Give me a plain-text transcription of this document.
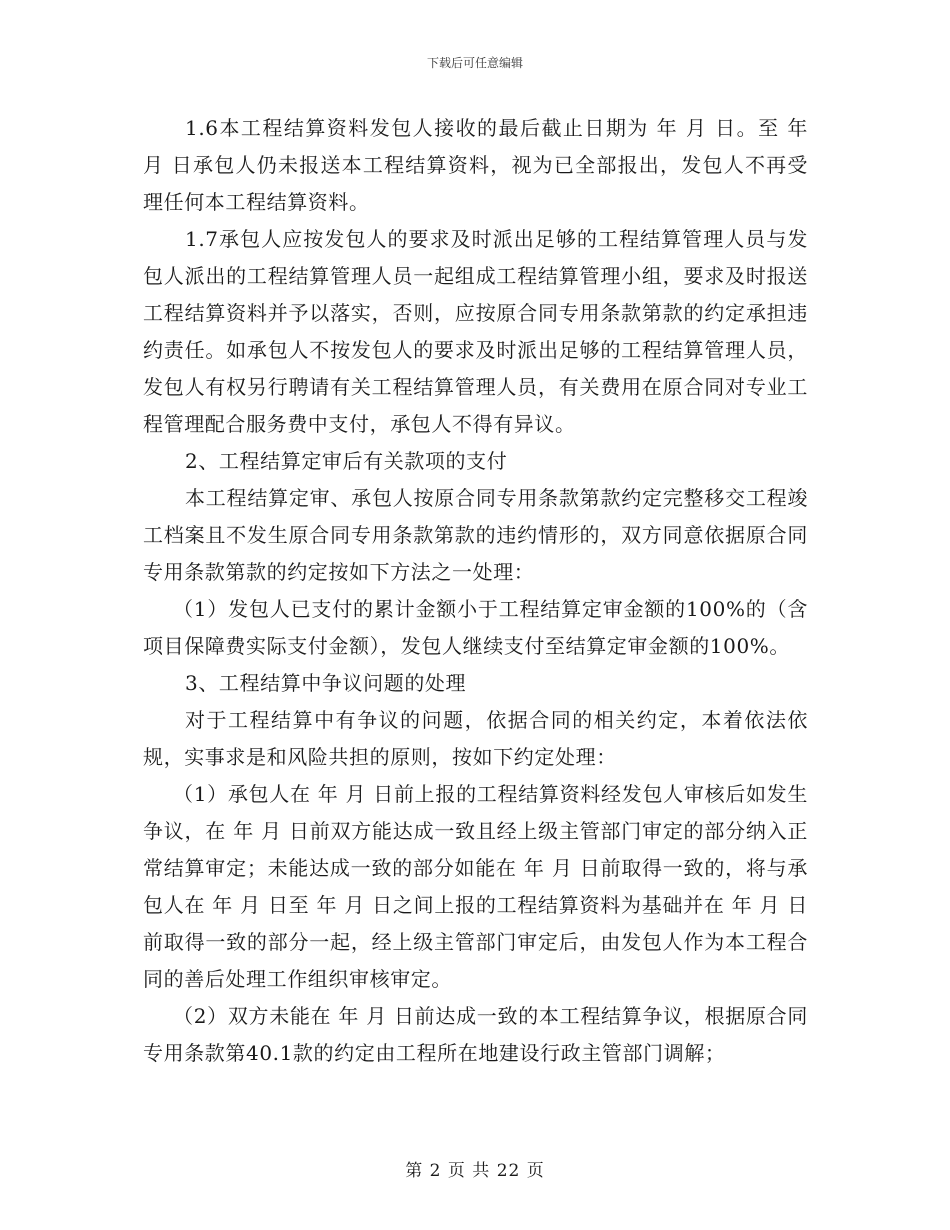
下载后可任意编辑

1.6本工程结算资料发包人接收的最后截止日期为 年 月 日。至 年 月 日承包人仍未报送本工程结算资料，视为已全部报出，发包人不再受理任何本工程结算资料。

1.7承包人应按发包人的要求及时派出足够的工程结算管理人员与发包人派出的工程结算管理人员一起组成工程结算管理小组，要求及时报送工程结算资料并予以落实，否则，应按原合同专用条款第款的约定承担违约责任。如承包人不按发包人的要求及时派出足够的工程结算管理人员，发包人有权另行聘请有关工程结算管理人员，有关费用在原合同对专业工程管理配合服务费中支付，承包人不得有异议。

2、工程结算定审后有关款项的支付

本工程结算定审、承包人按原合同专用条款第款约定完整移交工程竣工档案且不发生原合同专用条款第款的违约情形的，双方同意依据原合同专用条款第款的约定按如下方法之一处理：

（1）发包人已支付的累计金额小于工程结算定审金额的100%的（含项目保障费实际支付金额），发包人继续支付至结算定审金额的100%。

3、工程结算中争议问题的处理

对于工程结算中有争议的问题，依据合同的相关约定，本着依法依规，实事求是和风险共担的原则，按如下约定处理：

（1）承包人在 年 月 日前上报的工程结算资料经发包人审核后如发生争议，在 年 月 日前双方能达成一致且经上级主管部门审定的部分纳入正常结算审定；未能达成一致的部分如能在 年 月 日前取得一致的，将与承包人在 年 月 日至 年 月 日之间上报的工程结算资料为基础并在 年 月 日前取得一致的部分一起，经上级主管部门审定后，由发包人作为本工程合同的善后处理工作组织审核审定。

（2）双方未能在 年 月 日前达成一致的本工程结算争议，根据原合同专用条款第40.1款的约定由工程所在地建设行政主管部门调解；

第 2 页 共 22 页
